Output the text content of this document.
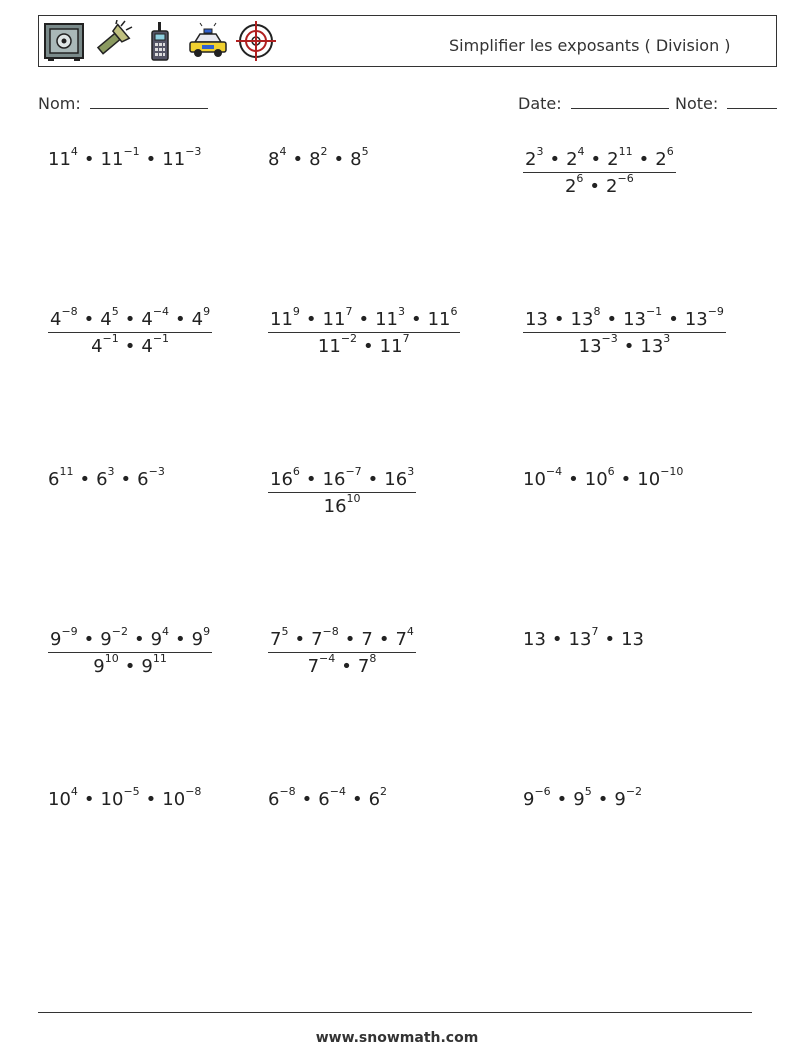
Simplifier les exposants ( Division )
Nom:	Date:	Note:
$11^4$ • $11^{-1}$ • $11^{-3}$	$8^4$ • $8^2$ • $8^5$	$\frac{2^3 • 2^4 • 2^{11} • 2^6}{2^6 • 2^{-6}}$
$\frac{4^{-8} • 4^5 • 4^{-4} • 4^9}{4^{-1} • 4^{-1}}$	$\frac{11^9 • 11^7 • 11^3 • 11^6}{11^{-2} • 11^7}$	$\frac{13 • 13^8 • 13^{-1} • 13^{-9}}{13^{-3} • 13^3}$
$6^{11}$ • $6^3$ • $6^{-3}$	$\frac{16^6 • 16^{-7} • 16^3}{16^{10}}$	$10^{-4}$ • $10^6$ • $10^{-10}$
$\frac{9^{-9} • 9^{-2} • 9^4 • 9^9}{9^{10} • 9^{11}}$	$\frac{7^5 • 7^{-8} • 7 • 7^4}{7^{-4} • 7^8}$	13 • $13^7$ • 13
$10^4$ • $10^{-5}$ • $10^{-8}$	$6^{-8}$ • $6^{-4}$ • $6^2$	$9^{-6}$ • $9^5$ • $9^{-2}$
www.snowmath.com
